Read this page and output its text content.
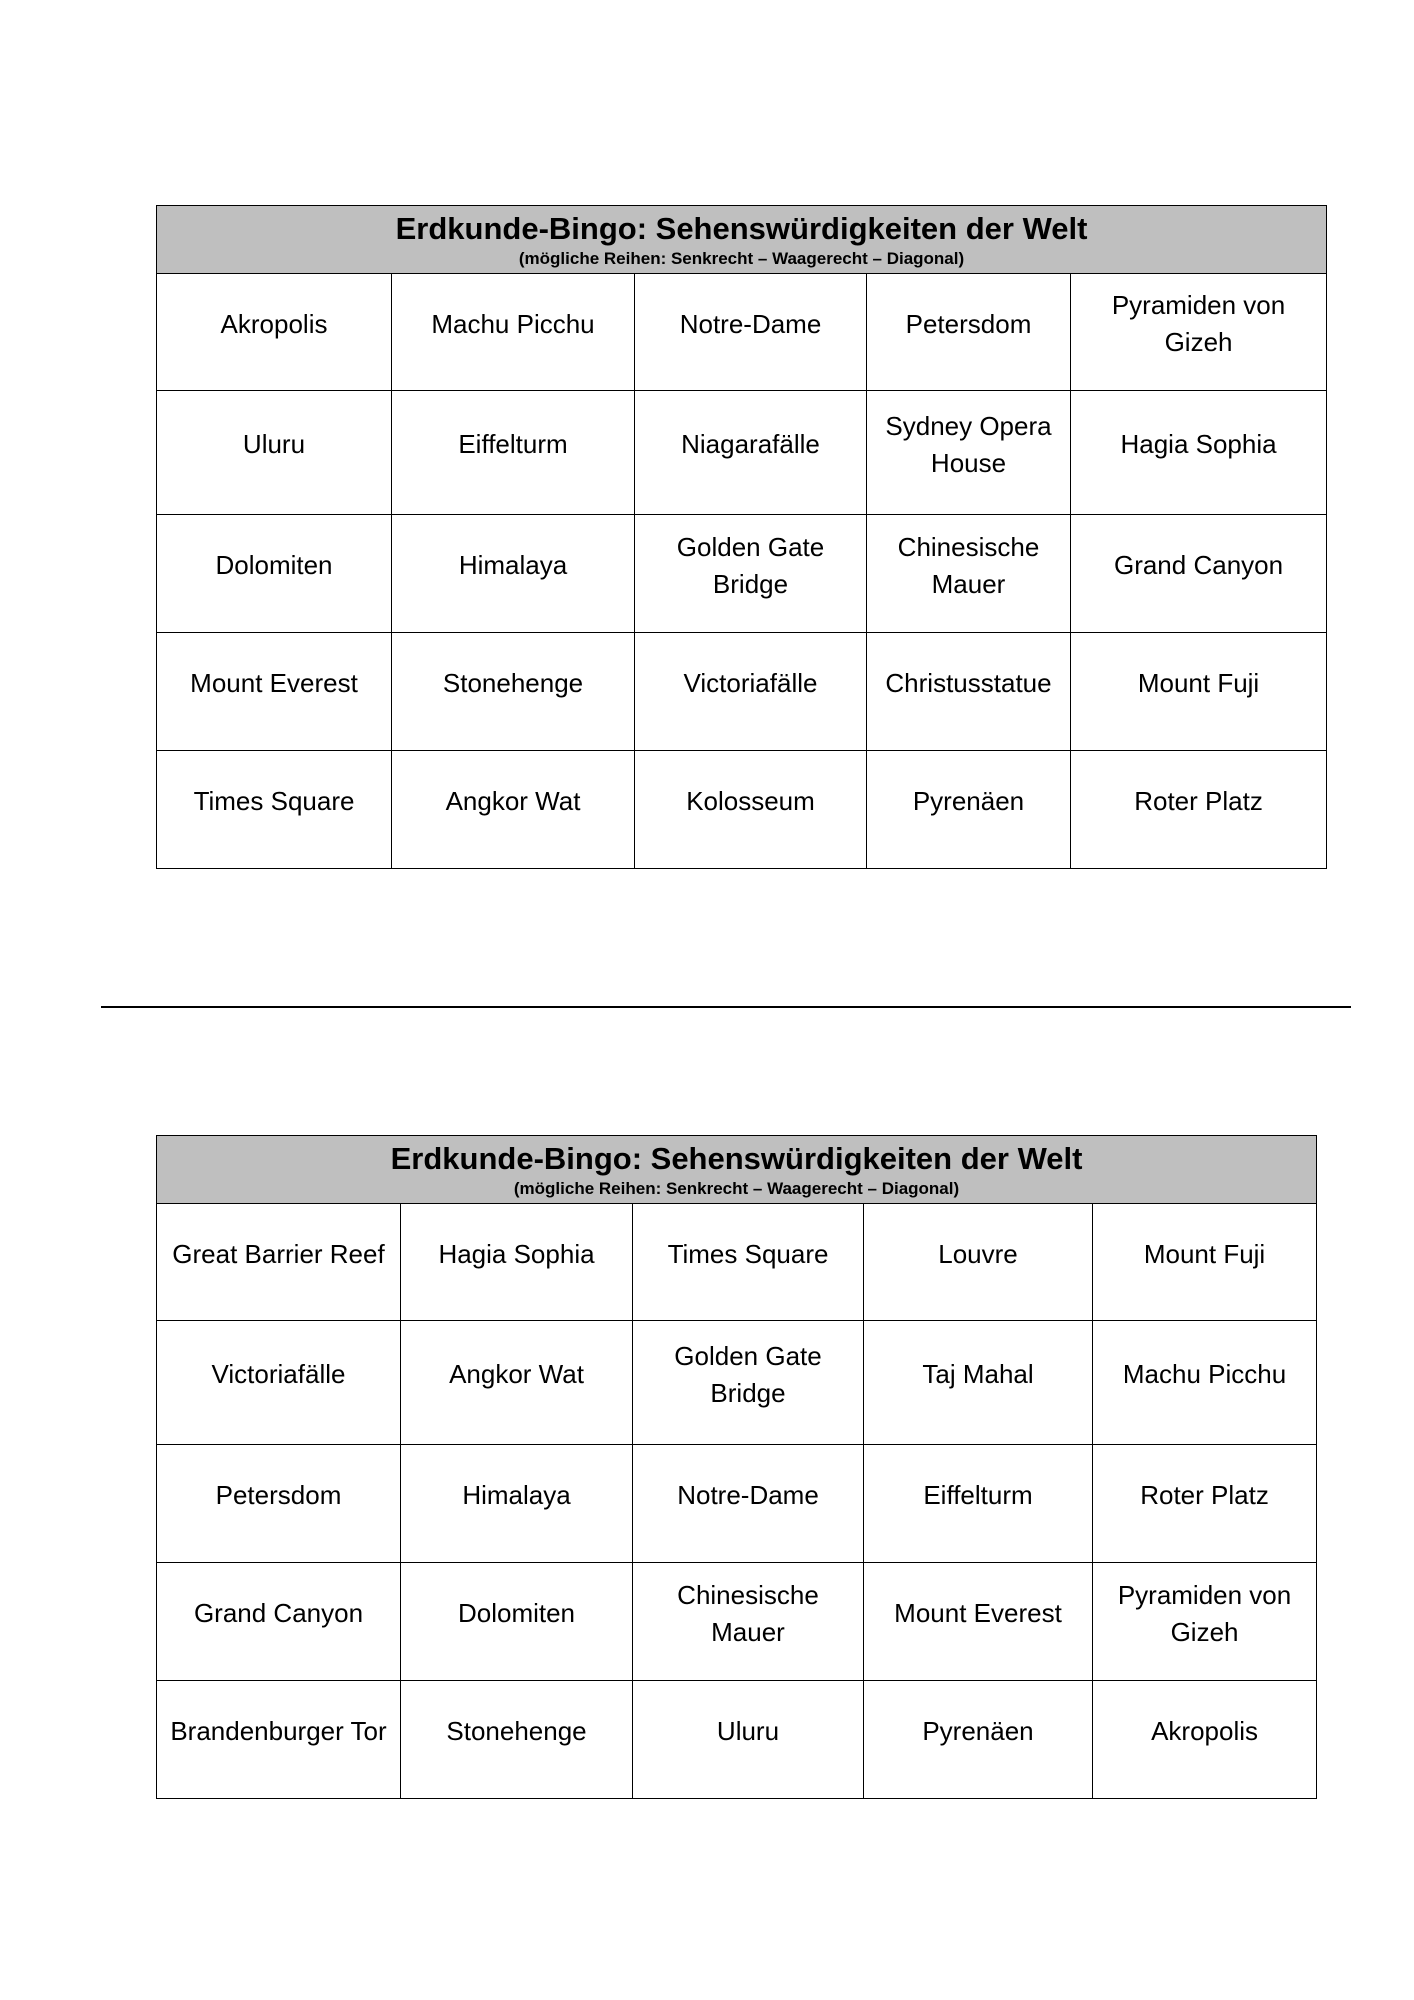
Erdkunde-Bingo: Sehenswürdigkeiten der Welt
(mögliche Reihen: Senkrecht – Waagerecht – Diagonal)				

Akropolis	Machu Picchu	Notre-Dame	Petersdom	Pyramiden von Gizeh
Uluru	Eiffelturm	Niagarafälle	Sydney Opera House	Hagia Sophia
Dolomiten	Himalaya	Golden Gate Bridge	Chinesische Mauer	Grand Canyon
Mount Everest	Stonehenge	Victoriafälle	Christusstatue	Mount Fuji
Times Square	Angkor Wat	Kolosseum	Pyrenäen	Roter Platz
Erdkunde-Bingo: Sehenswürdigkeiten der Welt
(mögliche Reihen: Senkrecht – Waagerecht – Diagonal)				

Great Barrier Reef	Hagia Sophia	Times Square	Louvre	Mount Fuji
Victoriafälle	Angkor Wat	Golden Gate Bridge	Taj Mahal	Machu Picchu
Petersdom	Himalaya	Notre-Dame	Eiffelturm	Roter Platz
Grand Canyon	Dolomiten	Chinesische Mauer	Mount Everest	Pyramiden von Gizeh
Brandenburger Tor	Stonehenge	Uluru	Pyrenäen	Akropolis
